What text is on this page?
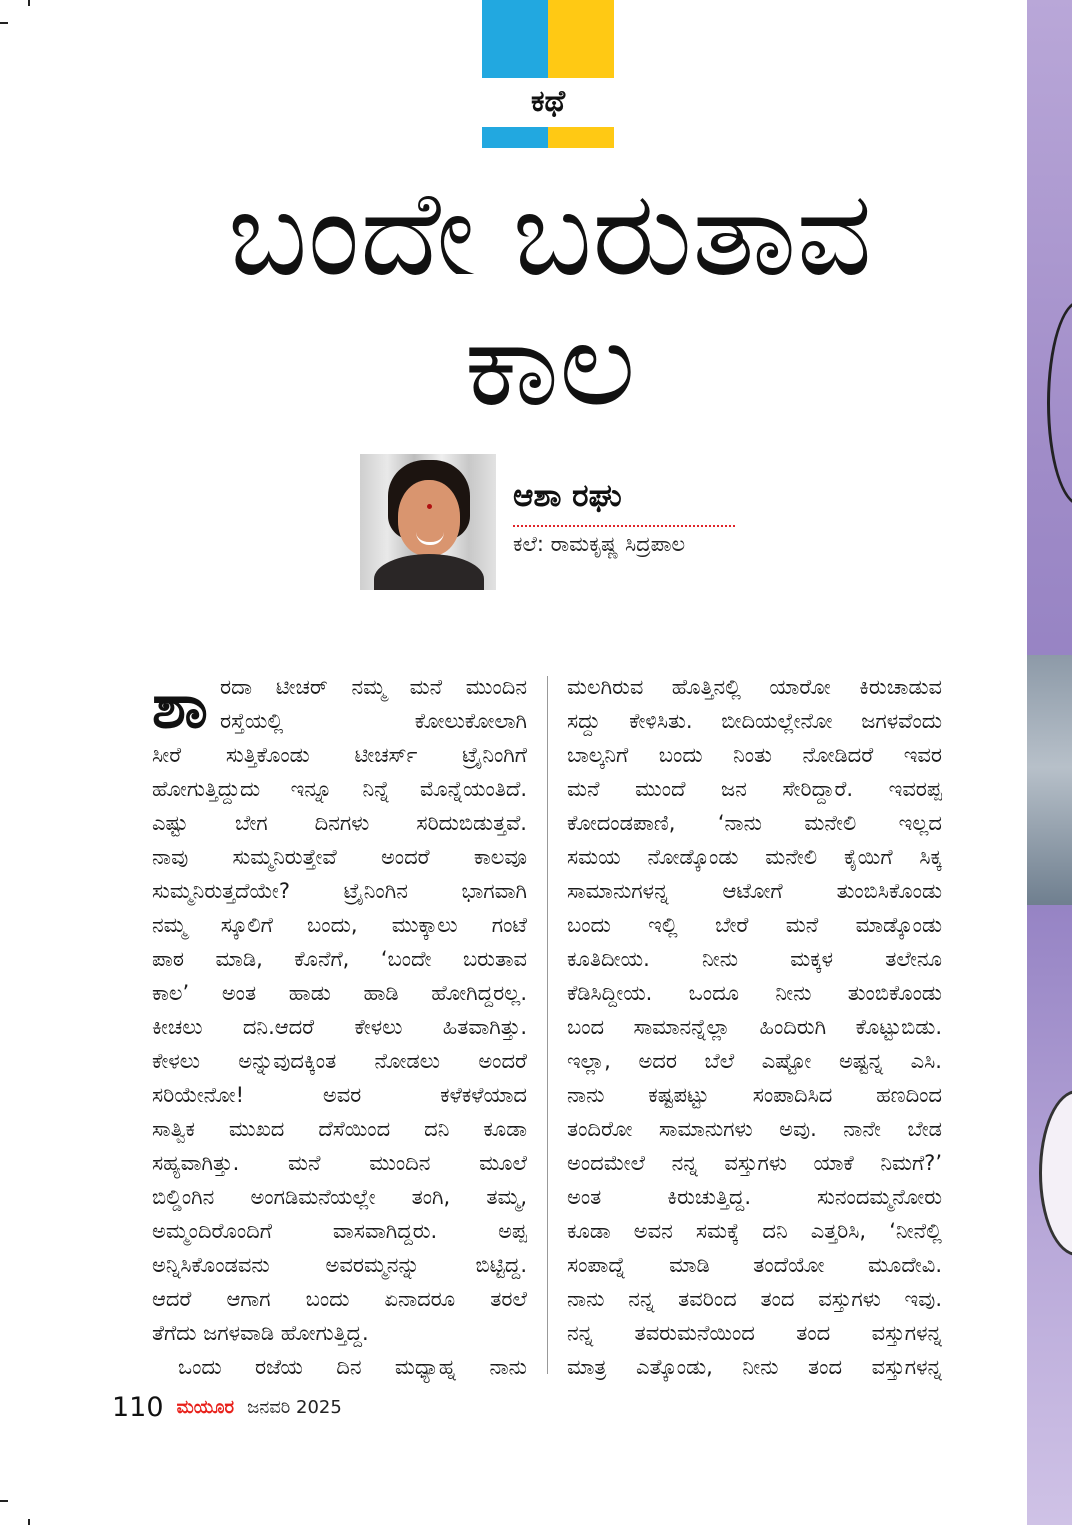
ಕಥೆ
ಬಂದೇ ಬರುತಾವ
ಕಾಲ
ಆಶಾ ರಘು
ಕಲೆ: ರಾಮಕೃಷ್ಣ ಸಿದ್ರಪಾಲ
ಶಾ ರದಾ ಟೀಚರ್ ನಮ್ಮ ಮನೆ ಮುಂದಿನ
ರಸ್ತೆಯಲ್ಲಿ ಕೋಲುಕೋಲಾಗಿ
ಸೀರೆ ಸುತ್ತಿಕೊಂಡು ಟೀಚರ್ಸ್ ಟ್ರೈನಿಂಗಿಗೆ
ಹೋಗುತ್ತಿದ್ದುದು ಇನ್ನೂ ನಿನ್ನೆ ಮೊನ್ನೆಯಂತಿದೆ.
ಎಷ್ಟು ಬೇಗ ದಿನಗಳು ಸರಿದುಬಿಡುತ್ತವೆ.
ನಾವು ಸುಮ್ಮನಿರುತ್ತೇವೆ ಅಂದರೆ ಕಾಲವೂ
ಸುಮ್ಮನಿರುತ್ತದೆಯೇ? ಟ್ರೈನಿಂಗಿನ ಭಾಗವಾಗಿ
ನಮ್ಮ ಸ್ಕೂಲಿಗೆ ಬಂದು, ಮುಕ್ಕಾಲು ಗಂಟೆ
ಪಾಠ ಮಾಡಿ, ಕೊನೆಗೆ, ‘ಬಂದೇ ಬರುತಾವ
ಕಾಲ’ ಅಂತ ಹಾಡು ಹಾಡಿ ಹೋಗಿದ್ದರಲ್ಲ.
ಕೀಚಲು ದನಿ.ಆದರೆ ಕೇಳಲು ಹಿತವಾಗಿತ್ತು.
ಕೇಳಲು ಅನ್ನುವುದಕ್ಕಿಂತ ನೋಡಲು ಅಂದರೆ
ಸರಿಯೇನೋ! ಅವರ ಕಳೆಕಳೆಯಾದ
ಸಾತ್ವಿಕ ಮುಖದ ದೆಸೆಯಿಂದ ದನಿ ಕೂಡಾ
ಸಹ್ಯವಾಗಿತ್ತು. ಮನೆ ಮುಂದಿನ ಮೂಲೆ
ಬಿಲ್ಡಿಂಗಿನ ಅಂಗಡಿಮನೆಯಲ್ಲೇ ತಂಗಿ, ತಮ್ಮ,
ಅಮ್ಮಂದಿರೊಂದಿಗೆ ವಾಸವಾಗಿದ್ದರು. ಅಪ್ಪ
ಅನ್ನಿಸಿಕೊಂಡವನು ಅವರಮ್ಮನನ್ನು ಬಿಟ್ಟಿದ್ದ.
ಆದರೆ ಆಗಾಗ ಬಂದು ಏನಾದರೂ ತರಲೆ
ತೆಗೆದು ಜಗಳವಾಡಿ ಹೋಗುತ್ತಿದ್ದ.
ಒಂದು ರಜೆಯ ದಿನ ಮಧ್ಯಾಹ್ನ ನಾನು
ಮಲಗಿರುವ ಹೊತ್ತಿನಲ್ಲಿ ಯಾರೋ ಕಿರುಚಾಡುವ
ಸದ್ದು ಕೇಳಿಸಿತು. ಬೀದಿಯಲ್ಲೇನೋ ಜಗಳವೆಂದು
ಬಾಲ್ಕನಿಗೆ ಬಂದು ನಿಂತು ನೋಡಿದರೆ ಇವರ
ಮನೆ ಮುಂದೆ ಜನ ಸೇರಿದ್ದಾರೆ. ಇವರಪ್ಪ
ಕೋದಂಡಪಾಣಿ, ‘ನಾನು ಮನೇಲಿ ಇಲ್ಲದ
ಸಮಯ ನೋಡ್ಕೊಂಡು ಮನೇಲಿ ಕೈಯಿಗೆ ಸಿಕ್ಕ
ಸಾಮಾನುಗಳನ್ನ ಆಟೋಗೆ ತುಂಬಿಸಿಕೊಂಡು
ಬಂದು ಇಲ್ಲಿ ಬೇರೆ ಮನೆ ಮಾಡ್ಕೊಂಡು
ಕೂತಿದೀಯ. ನೀನು ಮಕ್ಕಳ ತಲೇನೂ
ಕೆಡಿಸಿದ್ದೀಯ. ಒಂದೂ ನೀನು ತುಂಬಿಕೊಂಡು
ಬಂದ ಸಾಮಾನನ್ನೆಲ್ಲಾ ಹಿಂದಿರುಗಿ ಕೊಟ್ಟುಬಿಡು.
ಇಲ್ಲಾ, ಅದರ ಬೆಲೆ ಎಷ್ಟೋ ಅಷ್ಟನ್ನ ಎಸಿ.
ನಾನು ಕಷ್ಟಪಟ್ಟು ಸಂಪಾದಿಸಿದ ಹಣದಿಂದ
ತಂದಿರೋ ಸಾಮಾನುಗಳು ಅವು. ನಾನೇ ಬೇಡ
ಅಂದಮೇಲೆ ನನ್ನ ವಸ್ತುಗಳು ಯಾಕೆ ನಿಮಗೆ?’
ಅಂತ ಕಿರುಚುತ್ತಿದ್ದ. ಸುನಂದಮ್ಮನೋರು
ಕೂಡಾ ಅವನ ಸಮಕ್ಕೆ ದನಿ ಎತ್ತರಿಸಿ, ‘ನೀನೆಲ್ಲಿ
ಸಂಪಾದ್ನೆ ಮಾಡಿ ತಂದೆಯೋ ಮೂದೇವಿ.
ನಾನು ನನ್ನ ತವರಿಂದ ತಂದ ವಸ್ತುಗಳು ಇವು.
ನನ್ನ ತವರುಮನೆಯಿಂದ ತಂದ ವಸ್ತುಗಳನ್ನ
ಮಾತ್ರ ಎತ್ಕೊಂಡು, ನೀನು ತಂದ ವಸ್ತುಗಳನ್ನ
110 ಮಯೂರ ಜನವರಿ 2025
